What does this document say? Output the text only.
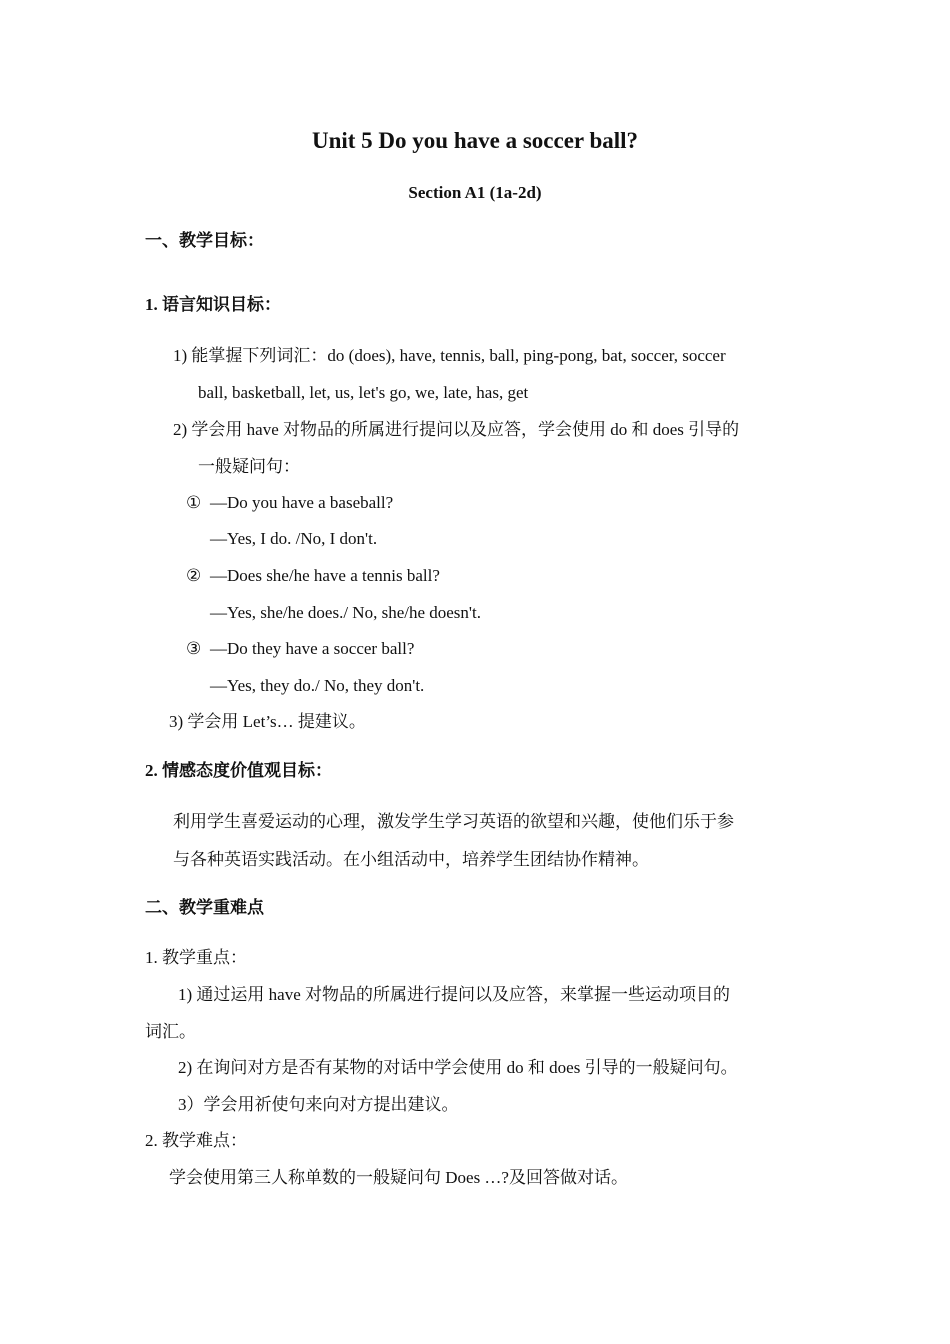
Unit 5 Do you have a soccer ball?
Section A1 (1a-2d)
一、教学目标：
1. 语言知识目标：
1) 能掌握下列词汇：do (does), have, tennis, ball, ping-pong, bat, soccer, soccer
ball, basketball, let, us, let's go, we, late, has, get
2) 学会用 have 对物品的所属进行提问以及应答，学会使用 do 和 does 引导的
一般疑问句：
① —Do you have a baseball?
—Yes, I do. /No, I don't.
② —Does she/he have a tennis ball?
—Yes, she/he does./ No, she/he doesn't.
③ —Do they have a soccer ball?
—Yes, they do./ No, they don't.
3) 学会用 Let’s… 提建议。
2. 情感态度价值观目标：
利用学生喜爱运动的心理，激发学生学习英语的欲望和兴趣，使他们乐于参
与各种英语实践活动。在小组活动中，培养学生团结协作精神。
二、教学重难点
1. 教学重点：
1) 通过运用 have 对物品的所属进行提问以及应答，来掌握一些运动项目的
词汇。
2) 在询问对方是否有某物的对话中学会使用 do 和 does 引导的一般疑问句。
3）学会用祈使句来向对方提出建议。
2. 教学难点：
学会使用第三人称单数的一般疑问句 Does …?及回答做对话。
